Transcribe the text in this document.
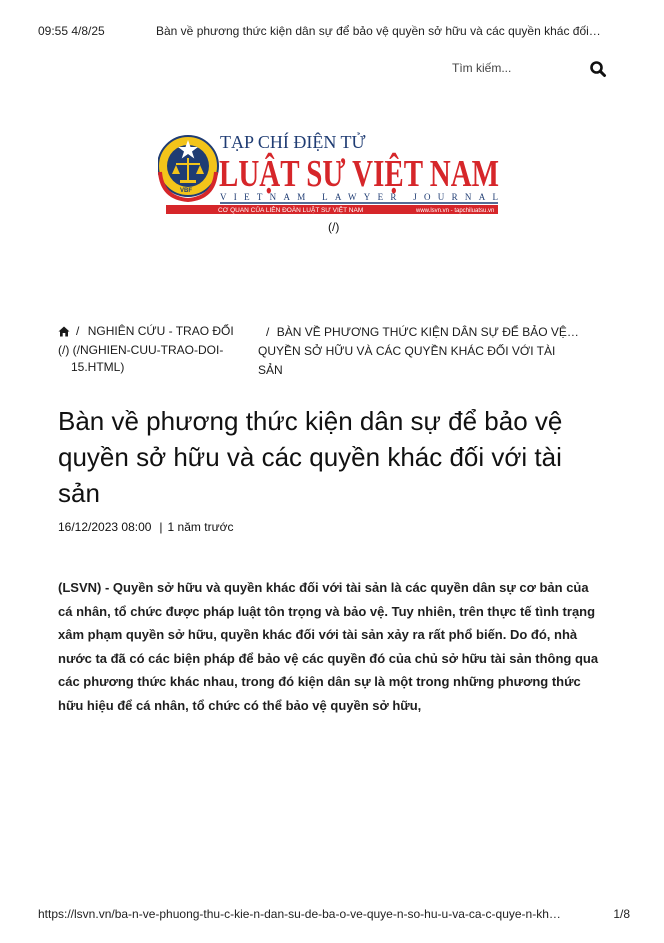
09:55 4/8/25	Bàn về phương thức kiện dân sự để bảo vệ quyền sở hữu và các quyền khác đối…
Tìm kiếm...
TẠP CHÍ ĐIỆN TỬ
LUẬT SƯ VIỆT NAM
VIETNAM LAWYER JOURNAL
CƠ QUAN CỦA LIÊN ĐOÀN LUẬT SƯ VIỆT NAM	www.lsvn.vn - tapchiluatsu.vn
VBF
(/)
/ NGHIÊN CỨU - TRAO ĐỔI
(/) (/NGHIEN-CUU-TRAO-DOI-
15.HTML)
/ BÀN VỀ PHƯƠNG THỨC KIỆN DÂN SỰ ĐỂ BẢO VỆ…
QUYỀN SỞ HỮU VÀ CÁC QUYỀN KHÁC ĐỐI VỚI TÀI
SẢN
Bàn về phương thức kiện dân sự để bảo vệ quyền sở hữu và các quyền khác đối với tài sản
16/12/2023 08:00 | 1 năm trước

(LSVN) - Quyền sở hữu và quyền khác đối với tài sản là các quyền dân sự cơ bản của cá nhân, tổ chức được pháp luật tôn trọng và bảo vệ. Tuy nhiên, trên thực tế tình trạng xâm phạm quyền sở hữu, quyền khác đối với tài sản xảy ra rất phổ biến. Do đó, nhà nước ta đã có các biện pháp để bảo vệ các quyền đó của chủ sở hữu tài sản thông qua các phương thức khác nhau, trong đó kiện dân sự là một trong những phương thức hữu hiệu để cá nhân, tổ chức có thể bảo vệ quyền sở hữu,

https://lsvn.vn/ba-n-ve-phuong-thu-c-kie-n-dan-su-de-ba-o-ve-quye-n-so-hu-u-va-ca-c-quye-n-kh…	1/8
